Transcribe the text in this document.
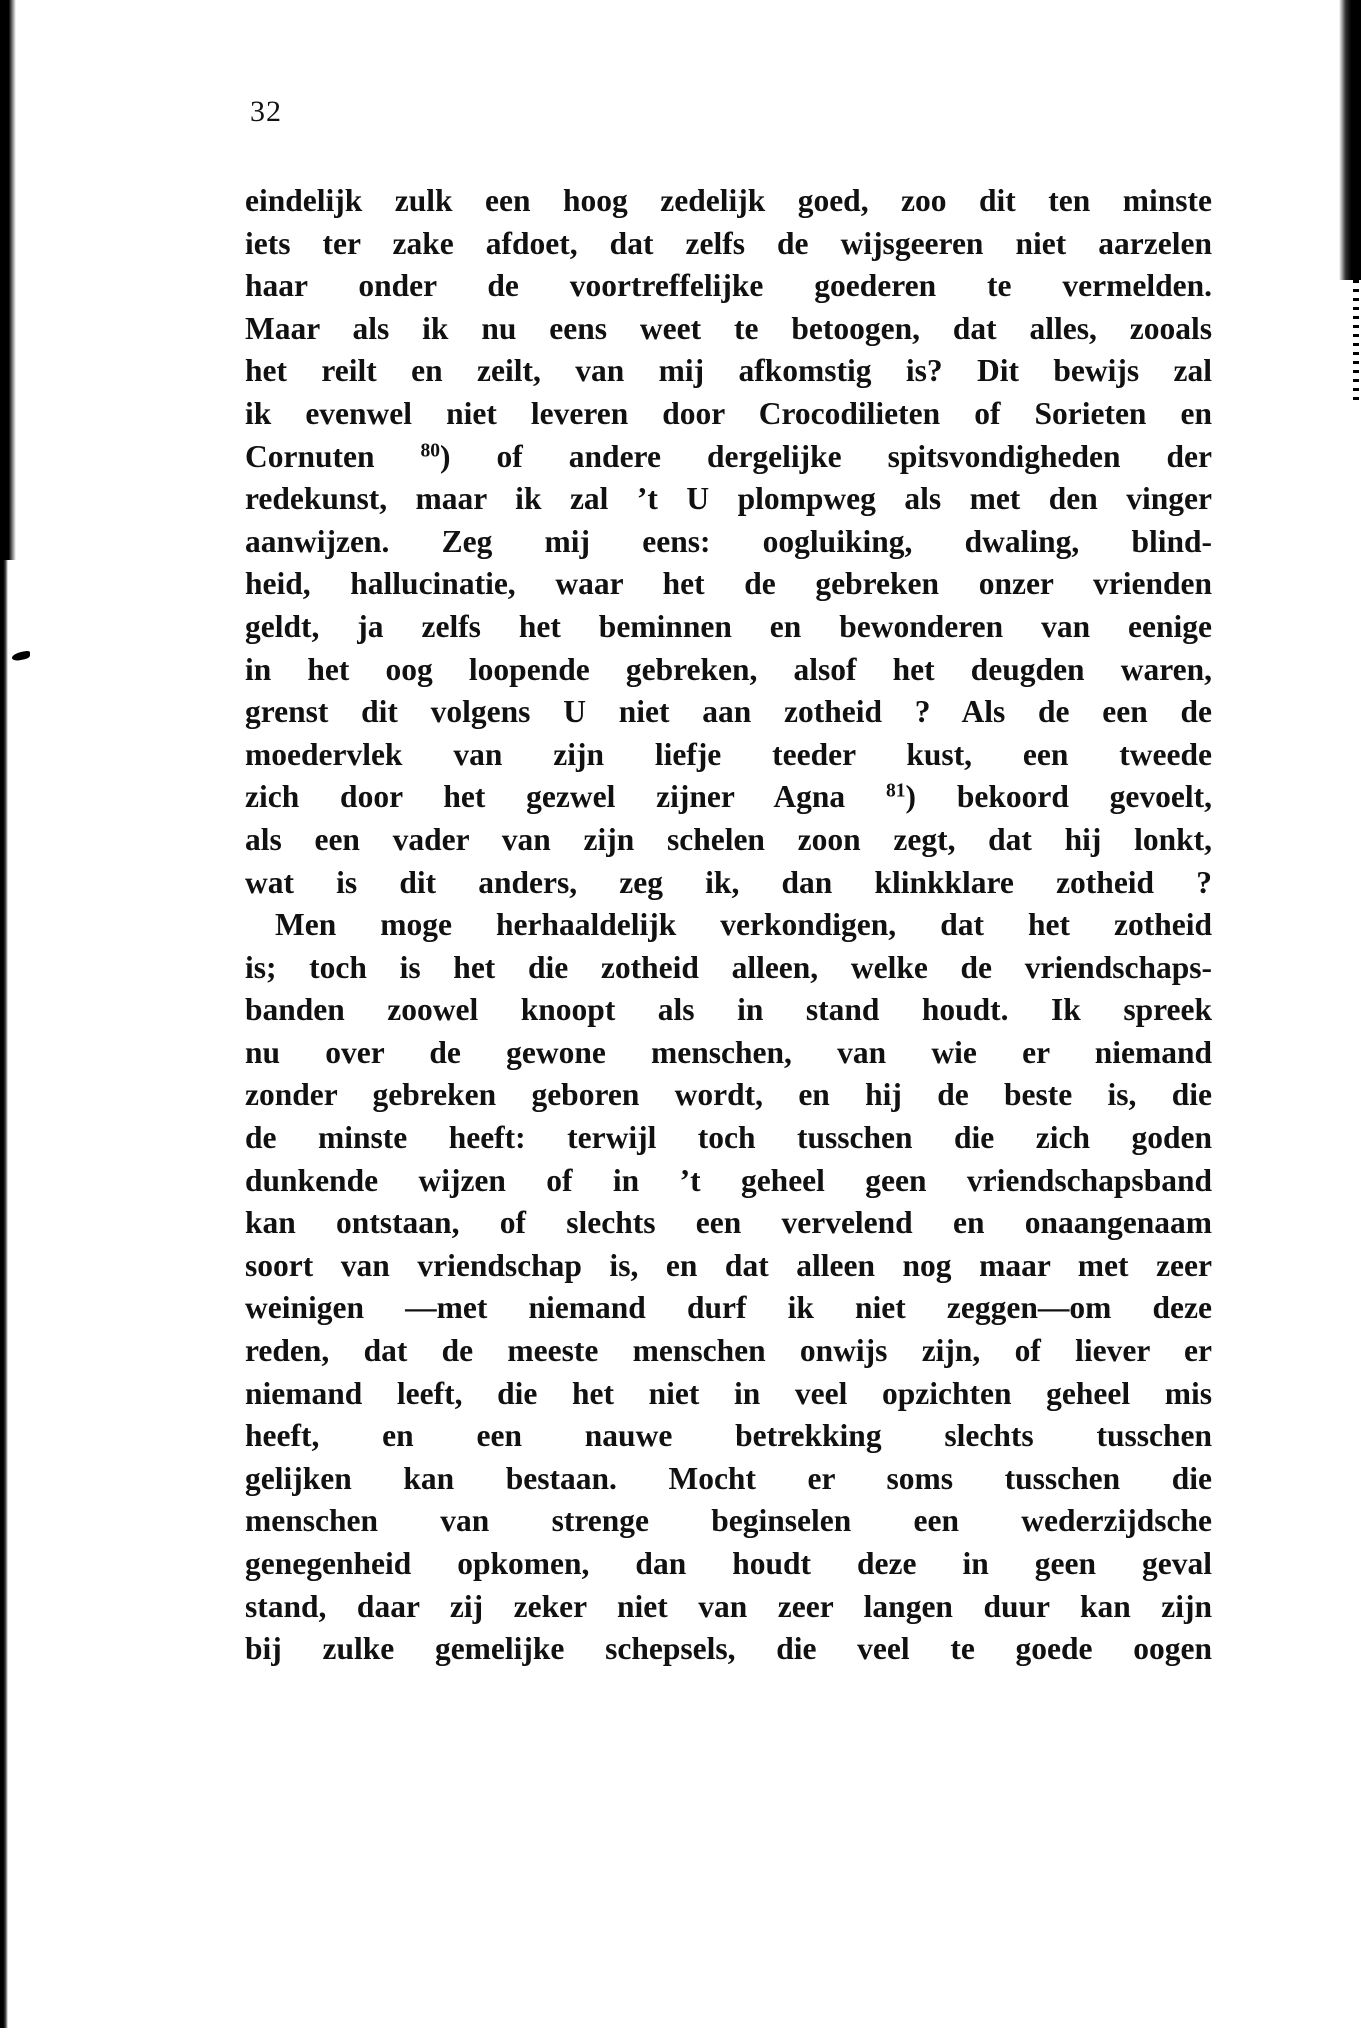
32
eindelijk zulk een hoog zedelijk goed, zoo dit ten minste
iets ter zake afdoet, dat zelfs de wijsgeeren niet aarzelen
haar onder de voortreffelijke goederen te vermelden.
Maar als ik nu eens weet te betoogen, dat alles, zooals
het reilt en zeilt, van mij afkomstig is? Dit bewijs zal
ik evenwel niet leveren door Crocodilieten of Sorieten en
Cornuten $^{80}$) of andere dergelijke spitsvondigheden der
redekunst, maar ik zal ’t U plompweg als met den vinger
aanwijzen. Zeg mij eens: oogluiking, dwaling, blind-
heid, hallucinatie, waar het de gebreken onzer vrienden
geldt, ja zelfs het beminnen en bewonderen van eenige
in het oog loopende gebreken, alsof het deugden waren,
grenst dit volgens U niet aan zotheid ? Als de een de
moedervlek van zijn liefje teeder kust, een tweede
zich door het gezwel zijner Agna $^{81}$) bekoord gevoelt,
als een vader van zijn schelen zoon zegt, dat hij lonkt,
wat is dit anders, zeg ik, dan klinkklare zotheid ?
Men moge herhaaldelijk verkondigen, dat het zotheid
is; toch is het die zotheid alleen, welke de vriendschaps-
banden zoowel knoopt als in stand houdt. Ik spreek
nu over de gewone menschen, van wie er niemand
zonder gebreken geboren wordt, en hij de beste is, die
de minste heeft: terwijl toch tusschen die zich goden
dunkende wijzen of in ’t geheel geen vriendschapsband
kan ontstaan, of slechts een vervelend en onaangenaam
soort van vriendschap is, en dat alleen nog maar met zeer
weinigen —met niemand durf ik niet zeggen—om deze
reden, dat de meeste menschen onwijs zijn, of liever er
niemand leeft, die het niet in veel opzichten geheel mis
heeft, en een nauwe betrekking slechts tusschen
gelijken kan bestaan. Mocht er soms tusschen die
menschen van strenge beginselen een wederzijdsche
genegenheid opkomen, dan houdt deze in geen geval
stand, daar zij zeker niet van zeer langen duur kan zijn
bij zulke gemelijke schepsels, die veel te goede oogen
